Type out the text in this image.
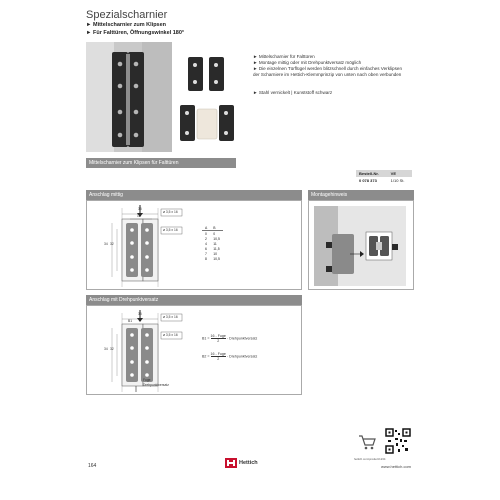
Spezialscharnier
► Mittelscharnier zum Klipsen
► Für Falttüren, Öffnungswinkel 180°
► Mittelscharnier für Falttüren
► Montage mittig oder mit Drehpunktversatz möglich
► Die einzelnen Türflügel werden blitzschnell durch einfaches Verklipsen der Scharniere im Hettich-Klemmprinzip von unten nach oben verbunden
► Stahl vernickelt | Kunststoff schwarz
Mittelscharnier zum Klipsen für Falttüren
Bestell-Nr.	VE
0 078 373	1/10 St.
Anschlag mittig	Montagehinweis
35
16
34 32
ø 3,5 x 16
ø 3,5 x 16
A	B
0	0
2	10,5
4	11
6	11,5
7	10
8	10,5
Anschlag mit Drehpunktversatz
35
B1
34 32
ø 3,5 x 16
ø 3,5 x 16
Fuge
Drehpunktversatz
B1 =
16 - Fuge
2
- Drehpunktversatz
B2 =
16 - Fuge
2
- Drehpunktversatz
hettich.com/product/1234
164	Hettich
www.hettich.com
